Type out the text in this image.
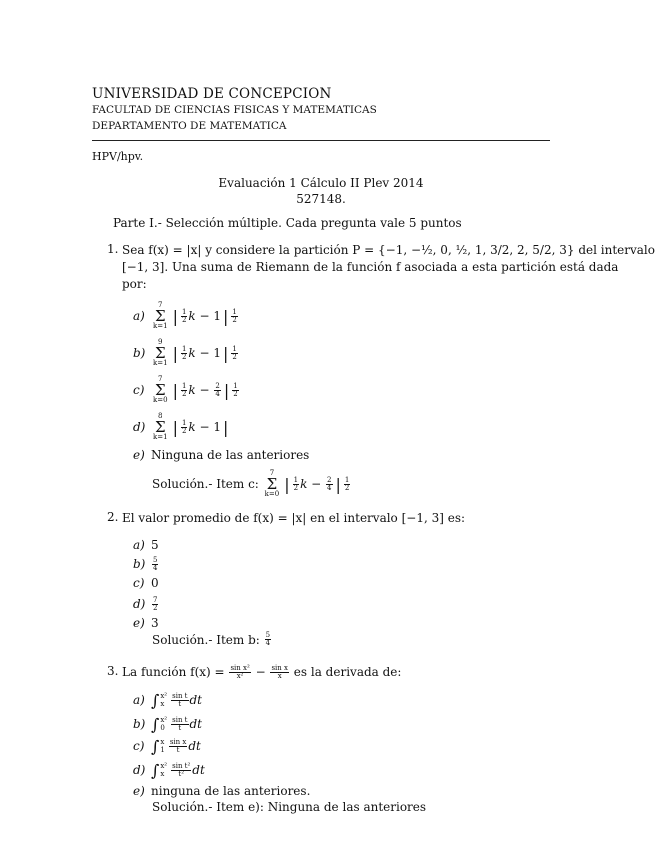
UNIVERSIDAD DE CONCEPCION
FACULTAD DE CIENCIAS FISICAS Y MATEMATICAS
DEPARTAMENTO DE MATEMATICA
HPV/hpv.
Evaluación 1 Cálculo II Plev 2014
527148.
Parte I.- Selección múltiple. Cada pregunta vale 5 puntos
1. Sea f(x) = |x| y considere la partición P = {−1, −½, 0, ½, 1, 3/2, 2, 5/2, 3} del intervalo
[−1, 3]. Una suma de Riemann de la función f asociada a esta partición está dada
por:
a)
7
Σ
k=1
| $\frac{1}{2}$ k − 1 | $\frac{1}{2}$
b)
9
Σ
k=1
| $\frac{1}{2}$ k − 1 | $\frac{1}{2}$
c)
7
Σ
k=0
| $\frac{1}{2}$ $k - \frac{2}{4}$ | $\frac{1}{2}$
d)
8
Σ
k=1
| $\frac{1}{2}$ k − 1 |
e) Ninguna de las anteriores
Solución.- Item c:

7
Σ
k=0
| $\frac{1}{2}$ $k - \frac{2}{4}$ | $\frac{1}{2}$
2. El valor promedio de f(x) = |x| en el intervalo [−1, 3] es:
a) 5
$b) \frac{5}{4}$
c) 0
$d) \frac{7}{2}$
e) 3
Solución.- Item b:
$\frac{5}{4}$
3. La función f(x) =
$\frac{\text{sin x²}}{\text{x²}} - \frac{\text{sin x}}{x}$
es la derivada de:
a) ∫ x²
x $\frac{\text{sin t}}{t}$ dt
b) ∫ x²
$0 \frac{\text{sin t}}{t}$ dt
c) ∫ x
$1 \frac{\text{sin x}}{t}$ dt
d) ∫ x²
x $\frac{\text{sin t²}}{\text{t²}}$ dt
e) ninguna de las anteriores.
Solución.- Item e): Ninguna de las anteriores
